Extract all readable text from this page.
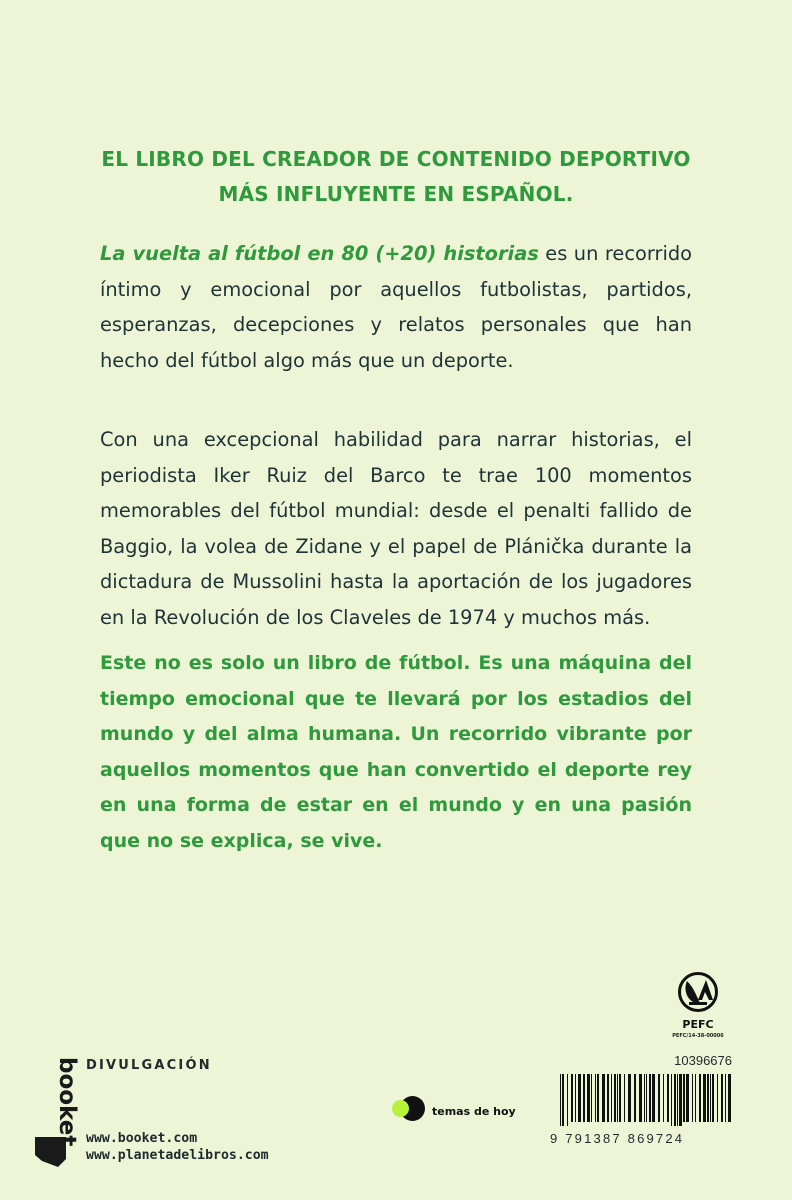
EL LIBRO DEL CREADOR DE CONTENIDO DEPORTIVO
MÁS INFLUYENTE EN ESPAÑOL.
La vuelta al fútbol en 80 (+20) historias es un recorrido íntimo y emocional por aquellos futbolistas, partidos, esperanzas, decepciones y relatos personales que han hecho del fútbol algo más que un deporte.
Con una excepcional habilidad para narrar historias, el periodista Iker Ruiz del Barco te trae 100 momentos memorables del fútbol mundial: desde el penalti fallido de Baggio, la volea de Zidane y el papel de Plánička durante la dictadura de Mussolini hasta la aportación de los jugadores en la Revolución de los Claveles de 1974 y muchos más.
Este no es solo un libro de fútbol. Es una máquina del tiempo emocional que te llevará por los estadios del mundo y del alma humana. Un recorrido vibrante por aquellos momentos que han convertido el deporte rey en una forma de estar en el mundo y en una pasión que no se explica, se vive.
PEFC
PEFC/14-38-00006
booket DIVULGACIÓN
www.booket.com
www.planetadelibros.com
temas de hoy
10396676
9 791387 869724
